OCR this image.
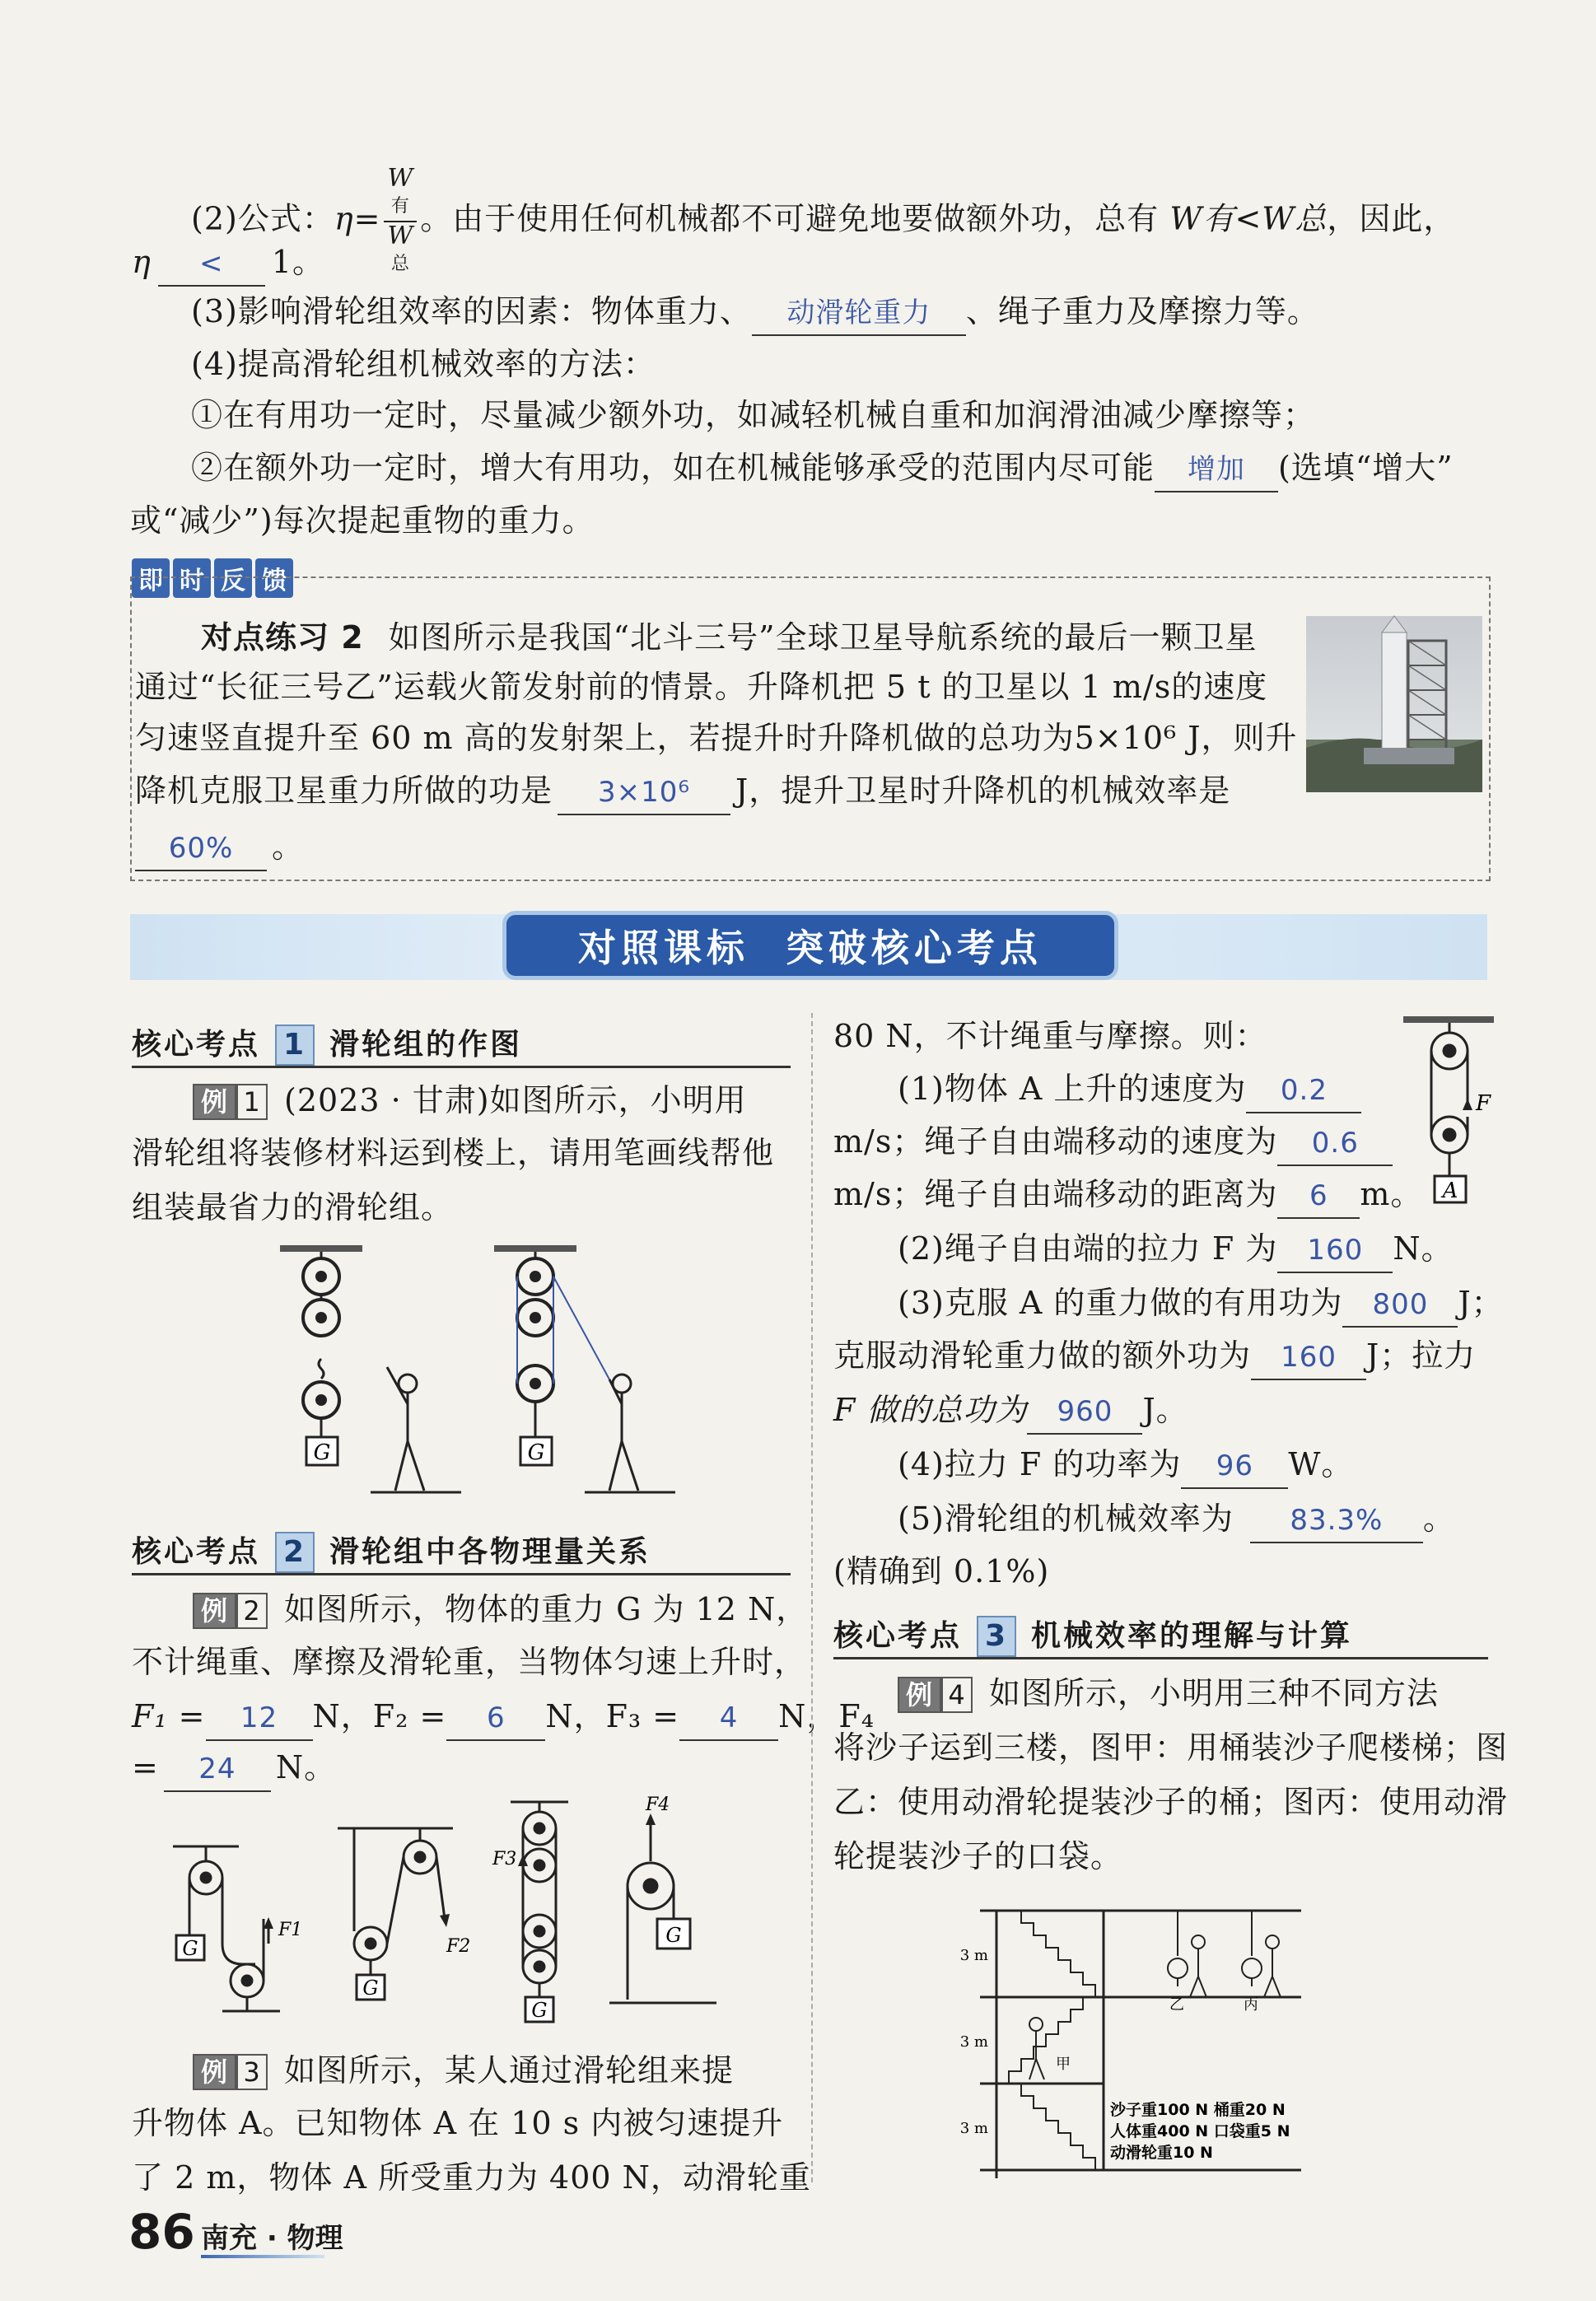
(2)公式：η= W
有
W
总 。由于使用任何机械都不可避免地要做额外功，总有 W有<W总，因此，
η < 1。
(3)影响滑轮组效率的因素：物体重力、 动滑轮重力 、绳子重力及摩擦力等。
(4)提高滑轮组机械效率的方法：
①在有用功一定时，尽量减少额外功，如减轻机械自重和加润滑油减少摩擦等；
②在额外功一定时，增大有用功，如在机械能够承受的范围内尽可能 增加 (选填“增大”
或“减少”)每次提起重物的重力。
即 时 反 馈
对点练习 2 如图所示是我国“北斗三号”全球卫星导航系统的最后一颗卫星
通过“长征三号乙”运载火箭发射前的情景。升降机把 5 t 的卫星以 1 m/s的速度
匀速竖直提升至 60 m 高的发射架上，若提升时升降机做的总功为5×10⁶ J，则升
降机克服卫星重力所做的功是 3×10⁶ J，提升卫星时升降机的机械效率是
60% 。
对照课标  突破核心考点
核心考点 1 滑轮组的作图
例 1 (2023 · 甘肃)如图所示，小明用
滑轮组将装修材料运到楼上，请用笔画线帮他
组装最省力的滑轮组。
G	G
核心考点 2 滑轮组中各物理量关系
例 2 如图所示，物体的重力 G 为 12 N，
不计绳重、摩擦及滑轮重，当物体匀速上升时，
F₁ = 12 N，F₂ = 6 N，F₃ = 4 N，F₄
= 24 N。
G
F1
G
F2
G
F3
G
F4
例 3 如图所示，某人通过滑轮组来提
升物体 A。已知物体 A 在 10 s 内被匀速提升
了 2 m，物体 A 所受重力为 400 N，动滑轮重
80 N，不计绳重与摩擦。则：
(1)物体 A 上升的速度为 0.2
m/s；绳子自由端移动的速度为 0.6
m/s；绳子自由端移动的距离为 6 m。
(2)绳子自由端的拉力 F 为 160 N。
(3)克服 A 的重力做的有用功为 800 J；
克服动滑轮重力做的额外功为 160 J；拉力
F 做的总功为 960 J。
(4)拉力 F 的功率为 96 W。
(5)滑轮组的机械效率为 83.3% 。
(精确到 0.1%)
F
A
核心考点 3 机械效率的理解与计算
例 4 如图所示，小明用三种不同方法
将沙子运到三楼，图甲：用桶装沙子爬楼梯；图
乙：使用动滑轮提装沙子的桶；图丙：使用动滑
轮提装沙子的口袋。
3 m
3 m
3 m
甲
乙	丙
沙子重100 N 桶重20 N
人体重400 N 口袋重5 N
动滑轮重10 N
86 南充 · 物理
